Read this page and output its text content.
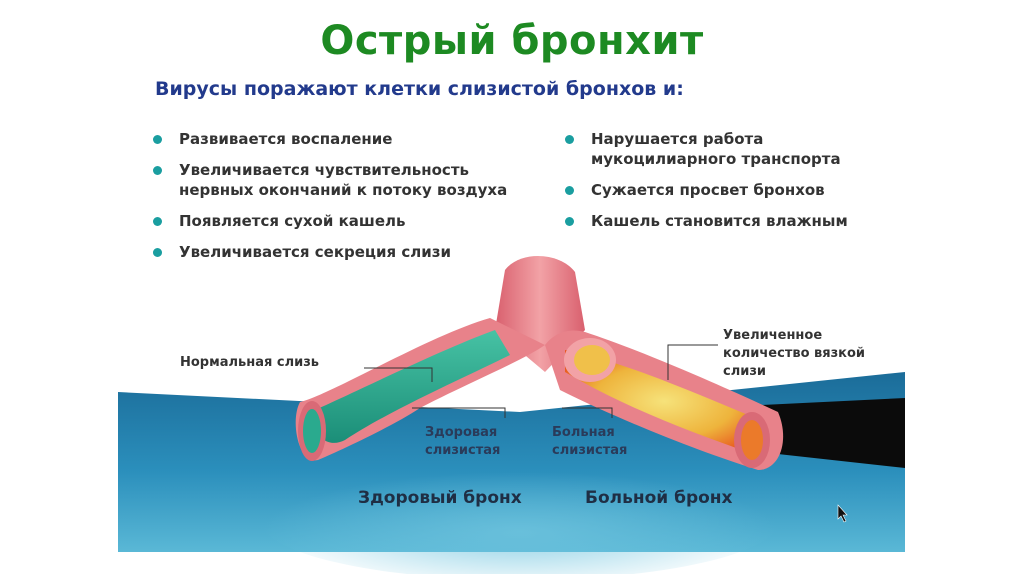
Острый бронхит
Вирусы поражают клетки слизистой бронхов и:
Развивается воспаление
Увеличивается чувствительность нервных окончаний к потоку воздуха
Появляется сухой кашель
Увеличивается секреция слизи
Нарушается работа мукоцилиарного транспорта
Сужается просвет бронхов
Кашель становится влажным
Нормальная слизь
Увеличенное количество вязкой слизи
Здоровая слизистая
Больная слизистая
Здоровый бронх	Больной бронх
